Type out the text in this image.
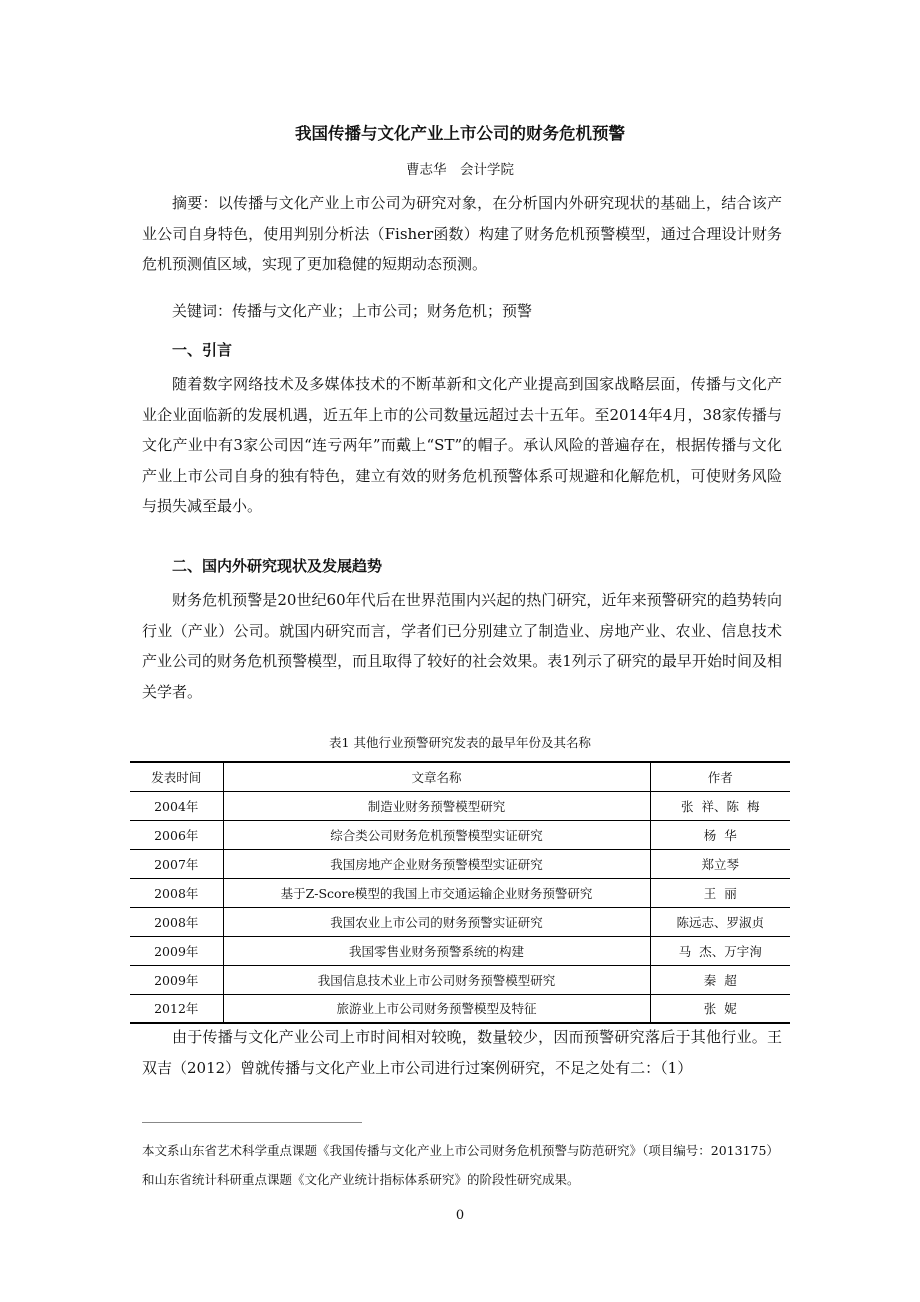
我国传播与文化产业上市公司的财务危机预警
曹志华　会计学院

摘要：以传播与文化产业上市公司为研究对象，在分析国内外研究现状的基础上，结合该产业公司自身特色，使用判别分析法（Fisher函数）构建了财务危机预警模型，通过合理设计财务危机预测值区域，实现了更加稳健的短期动态预测。

关键词：传播与文化产业；上市公司；财务危机；预警

一、引言

随着数字网络技术及多媒体技术的不断革新和文化产业提高到国家战略层面，传播与文化产业企业面临新的发展机遇，近五年上市的公司数量远超过去十五年。至2014年4月，38家传播与文化产业中有3家公司因“连亏两年”而戴上“ST”的帽子。承认风险的普遍存在，根据传播与文化产业上市公司自身的独有特色，建立有效的财务危机预警体系可规避和化解危机，可使财务风险与损失减至最小。

二、国内外研究现状及发展趋势

财务危机预警是20世纪60年代后在世界范围内兴起的热门研究，近年来预警研究的趋势转向行业（产业）公司。就国内研究而言，学者们已分别建立了制造业、房地产业、农业、信息技术产业公司的财务危机预警模型，而且取得了较好的社会效果。表1列示了研究的最早开始时间及相关学者。

表1 其他行业预警研究发表的最早年份及其名称
发表时间	文章名称	作者
2004年	制造业财务预警模型研究	张  祥、陈  梅
2006年	综合类公司财务危机预警模型实证研究	杨  华
2007年	我国房地产企业财务预警模型实证研究	郑立琴
2008年	基于Z-Score模型的我国上市交通运输企业财务预警研究	王  丽
2008年	我国农业上市公司的财务预警实证研究	陈远志、罗淑贞
2009年	我国零售业财务预警系统的构建	马  杰、万宇洵
2009年	我国信息技术业上市公司财务预警模型研究	秦  超
2012年	旅游业上市公司财务预警模型及特征	张  妮

由于传播与文化产业公司上市时间相对较晚，数量较少，因而预警研究落后于其他行业。王双吉（2012）曾就传播与文化产业上市公司进行过案例研究，不足之处有二：（1）

本文系山东省艺术科学重点课题《我国传播与文化产业上市公司财务危机预警与防范研究》（项目编号：2013175）和山东省统计科研重点课题《文化产业统计指标体系研究》的阶段性研究成果。

0
